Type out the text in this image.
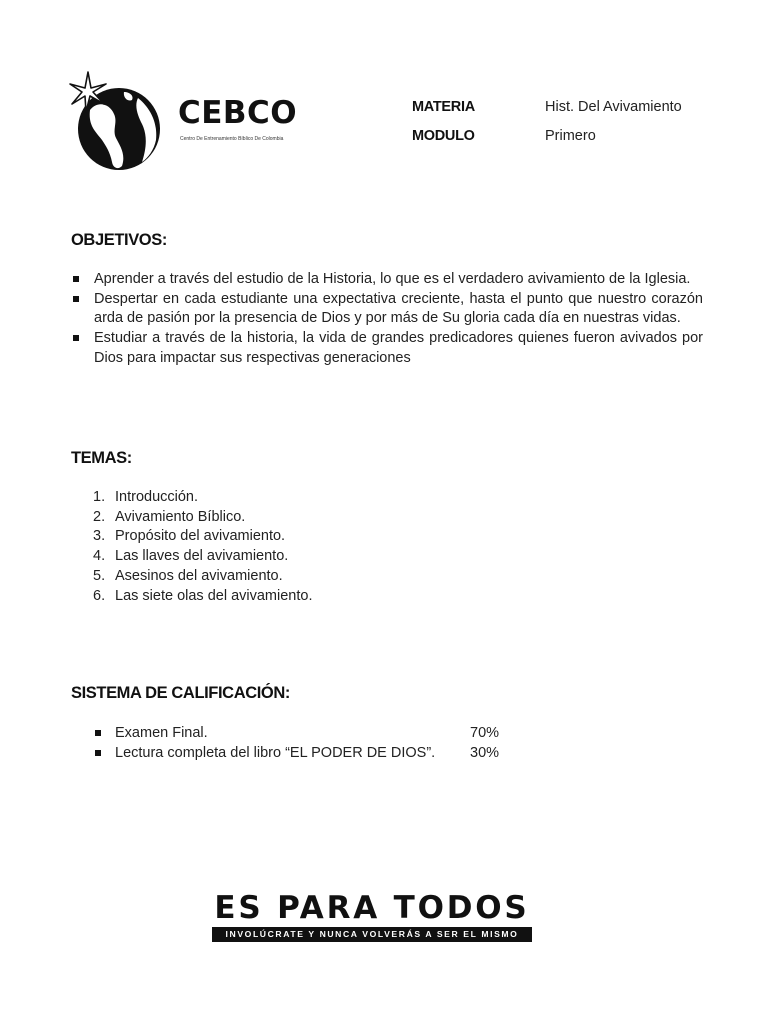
CEBCO
Centro De Entrenamiento Bíblico De Colombia
MATERIA	Hist. Del Avivamiento
MODULO	Primero
OBJETIVOS:
Aprender a través del estudio de la Historia, lo que es el verdadero avivamiento de la Iglesia.
Despertar en cada estudiante una expectativa creciente, hasta el punto que nuestro corazón arda de pasión por la presencia de Dios y por más de Su gloria cada día en nuestras vidas.
Estudiar a través de la historia, la vida de grandes predicadores quienes fueron avivados por Dios para impactar sus respectivas generaciones
TEMAS:
1. Introducción.
2. Avivamiento Bíblico.
3. Propósito del avivamiento.
4. Las llaves del avivamiento.
5. Asesinos del avivamiento.
6. Las siete olas del avivamiento.
SISTEMA DE CALIFICACIÓN:
Examen Final.	70%
Lectura completa del libro “EL PODER DE DIOS”.	30%
ES PARA TODOS
INVOLÚCRATE Y NUNCA VOLVERÁS A SER EL MISMO
